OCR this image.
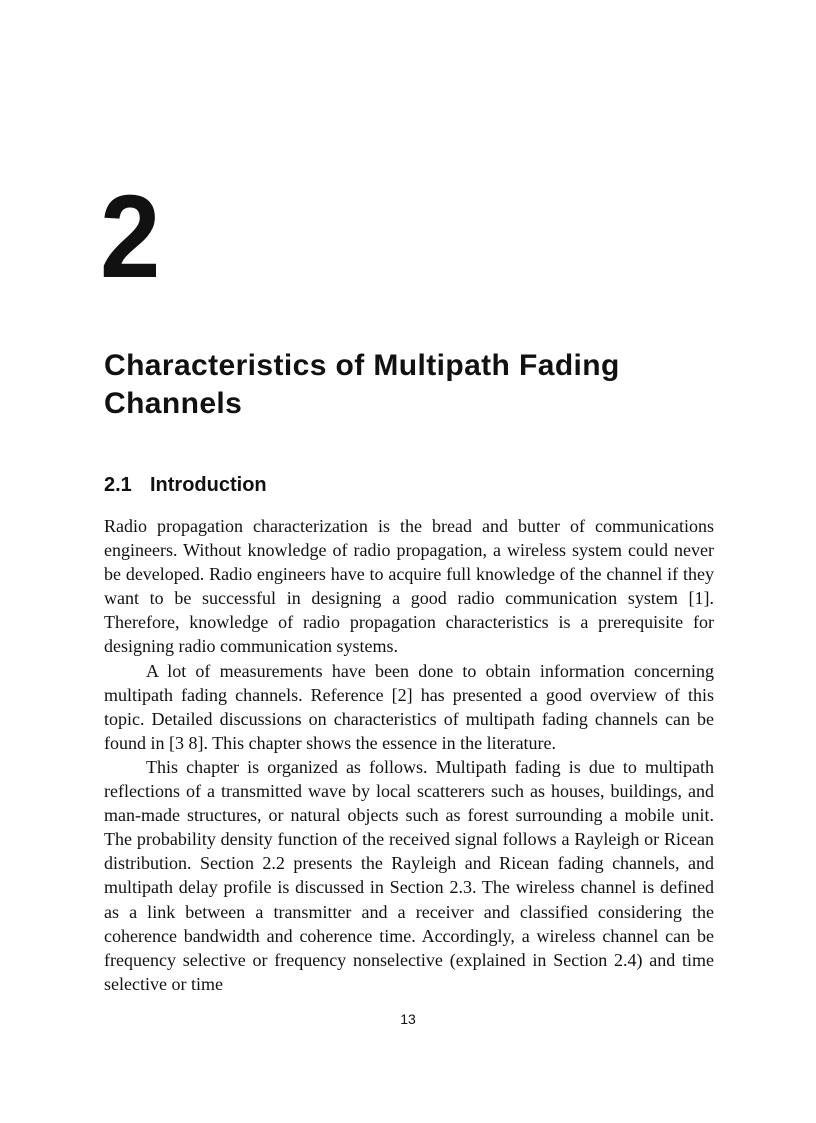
2
Characteristics of Multipath Fading Channels
2.1 Introduction

Radio propagation characterization is the bread and butter of communications engineers. Without knowledge of radio propagation, a wireless system could never be developed. Radio engineers have to acquire full knowledge of the channel if they want to be successful in designing a good radio communication system [1]. Therefore, knowledge of radio propagation characteristics is a prerequisite for designing radio communication systems.

A lot of measurements have been done to obtain information concerning multipath fading channels. Reference [2] has presented a good overview of this topic. Detailed discussions on characteristics of multipath fading channels can be found in [3 8]. This chapter shows the essence in the literature.

This chapter is organized as follows. Multipath fading is due to multipath reflections of a transmitted wave by local scatterers such as houses, buildings, and man-made structures, or natural objects such as forest surrounding a mobile unit. The probability density function of the received signal follows a Rayleigh or Ricean distribution. Section 2.2 presents the Rayleigh and Ricean fading channels, and multipath delay profile is discussed in Section 2.3. The wireless channel is defined as a link between a transmitter and a receiver and classified considering the coherence bandwidth and coherence time. Accordingly, a wireless channel can be frequency selective or frequency nonselective (explained in Section 2.4) and time selective or time

13
